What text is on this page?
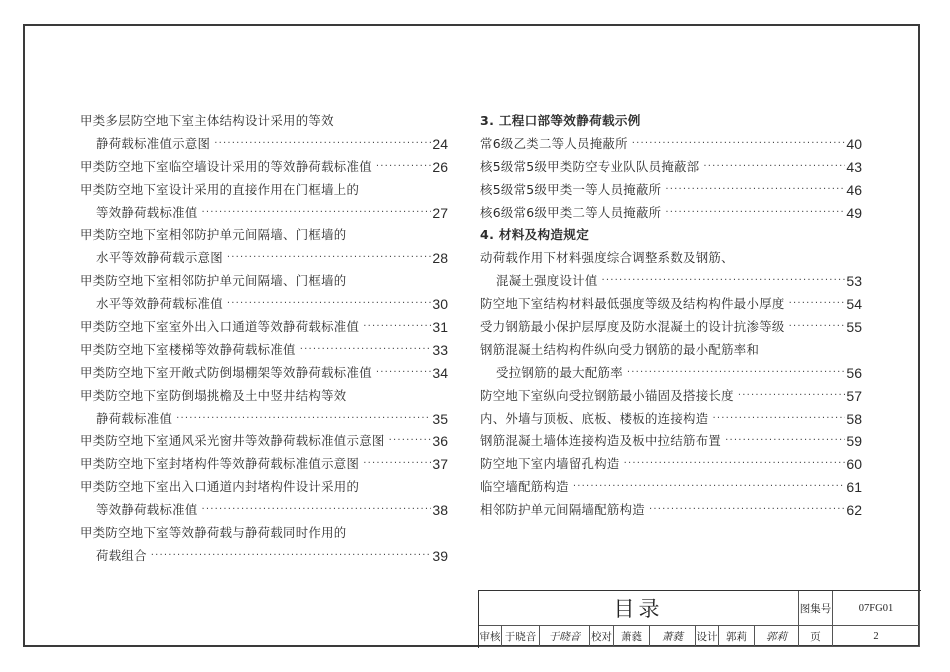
甲类多层防空地下室主体结构设计采用的等效
静荷载标准值示意图 ·····	24
甲类防空地下室临空墙设计采用的等效静荷载标准值 ·····	26
甲类防空地下室设计采用的直接作用在门框墙上的
等效静荷载标准值 ·····	27
甲类防空地下室相邻防护单元间隔墙、门框墙的
水平等效静荷载示意图 ·····	28
甲类防空地下室相邻防护单元间隔墙、门框墙的
水平等效静荷载标准值 ·····	30
甲类防空地下室室外出入口通道等效静荷载标准值 ·····	31
甲类防空地下室楼梯等效静荷载标准值 ·····	33
甲类防空地下室开敞式防倒塌棚架等效静荷载标准值 ·····	34
甲类防空地下室防倒塌挑檐及土中竖井结构等效
静荷载标准值 ·····	35
甲类防空地下室通风采光窗井等效静荷载标准值示意图 ·····	36
甲类防空地下室封堵构件等效静荷载标准值示意图 ·····	37
甲类防空地下室出入口通道内封堵构件设计采用的
等效静荷载标准值 ·····	38
甲类防空地下室等效静荷载与静荷载同时作用的
荷载组合 ·····	39
3. 工程口部等效静荷载示例
常6级乙类二等人员掩蔽所 ·····	40
核5级常5级甲类防空专业队队员掩蔽部 ·····	43
核5级常5级甲类一等人员掩蔽所 ·····	46
核6级常6级甲类二等人员掩蔽所 ·····	49
4. 材料及构造规定
动荷载作用下材料强度综合调整系数及钢筋、
混凝土强度设计值 ·····	53
防空地下室结构材料最低强度等级及结构构件最小厚度 ·····	54
受力钢筋最小保护层厚度及防水混凝土的设计抗渗等级 ·····	55
钢筋混凝土结构构件纵向受力钢筋的最小配筋率和
受拉钢筋的最大配筋率 ·····	56
防空地下室纵向受拉钢筋最小锚固及搭接长度 ·····	57
内、外墙与顶板、底板、楼板的连接构造 ·····	58
钢筋混凝土墙体连接构造及板中拉结筋布置 ·····	59
防空地下室内墙留孔构造 ·····	60
临空墙配筋构造 ·····	61
相邻防护单元间隔墙配筋构造 ·····	62
目录	图集号	07FG01
审核 于晓音	于晓音	校对 萧蕤	萧蕤	设计 郭莉	郭莉	页	2
